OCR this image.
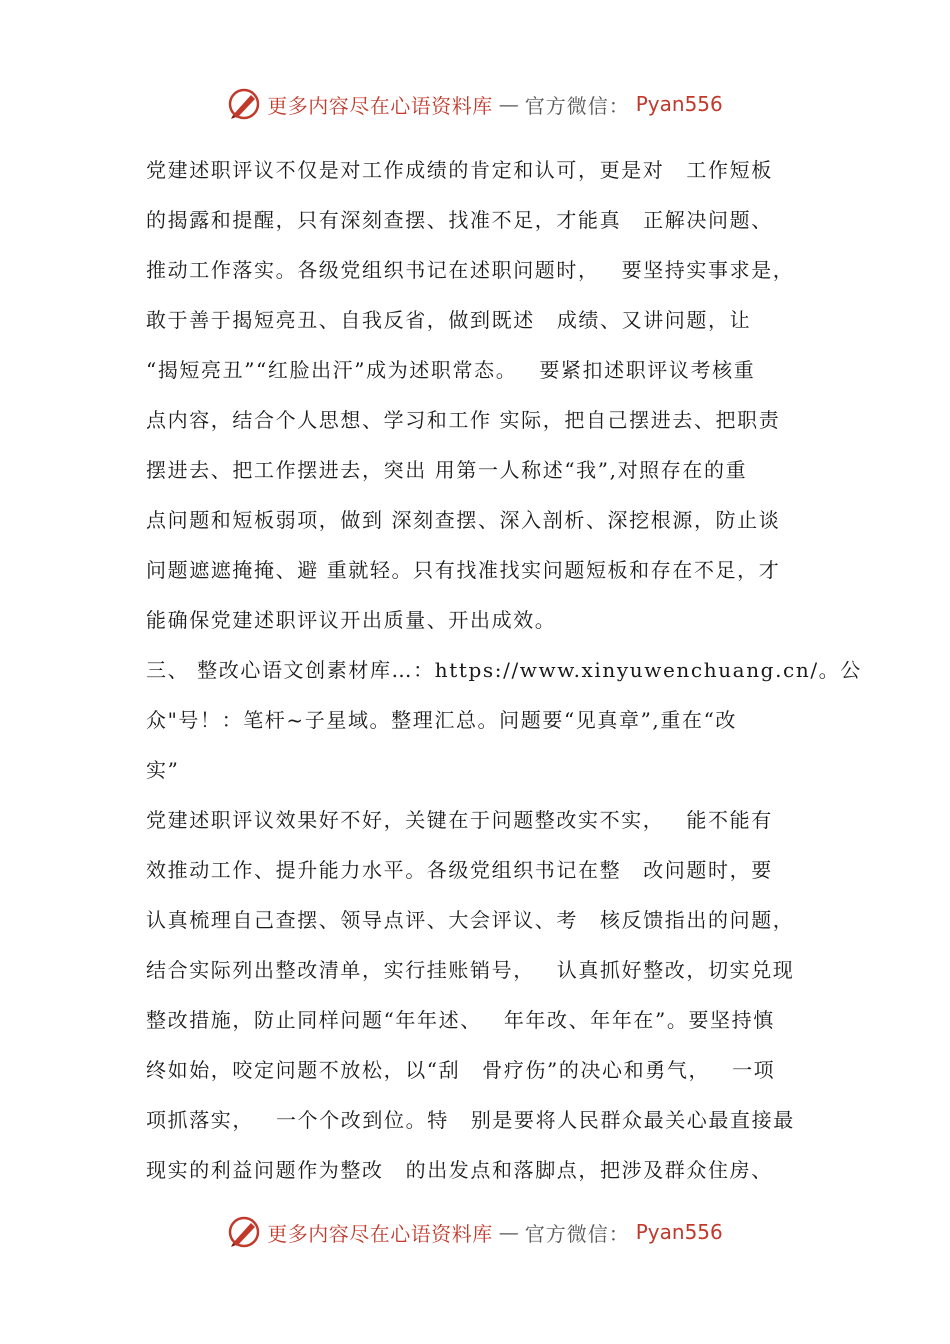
更多内容尽在心语资料库 — 官方微信： Pyan556
党建述职评议不仅是对工作成绩的肯定和认可，更是对 工作短板
的揭露和提醒，只有深刻查摆、找准不足，才能真 正解决问题、
推动工作落实。各级党组织书记在述职问题时， 要坚持实事求是，
敢于善于揭短亮丑、自我反省，做到既述 成绩、又讲问题，让
“揭短亮丑”“红脸出汗”成为述职常态。 要紧扣述职评议考核重
点内容，结合个人思想、学习和工作 实际，把自己摆进去、把职责
摆进去、把工作摆进去，突出 用第一人称述“我”,对照存在的重
点问题和短板弱项，做到 深刻查摆、深入剖析、深挖根源，防止谈
问题遮遮掩掩、避 重就轻。只有找准找实问题短板和存在不足，才
能确保党建述职评议开出质量、开出成效。
三、 整改心语文创素材库…：https://www.xinyuwenchuang.cn/。公
众"号！：笔杆~子星域。整理汇总。问题要“见真章”,重在“改
实”
党建述职评议效果好不好，关键在于问题整改实不实， 能不能有
效推动工作、提升能力水平。各级党组织书记在整 改问题时，要
认真梳理自己查摆、领导点评、大会评议、考 核反馈指出的问题，
结合实际列出整改清单，实行挂账销号， 认真抓好整改，切实兑现
整改措施，防止同样问题“年年述、 年年改、年年在”。要坚持慎
终如始，咬定问题不放松，以“刮 骨疗伤”的决心和勇气， 一项
项抓落实， 一个个改到位。特 别是要将人民群众最关心最直接最
现实的利益问题作为整改 的出发点和落脚点，把涉及群众住房、
更多内容尽在心语资料库 — 官方微信： Pyan556
